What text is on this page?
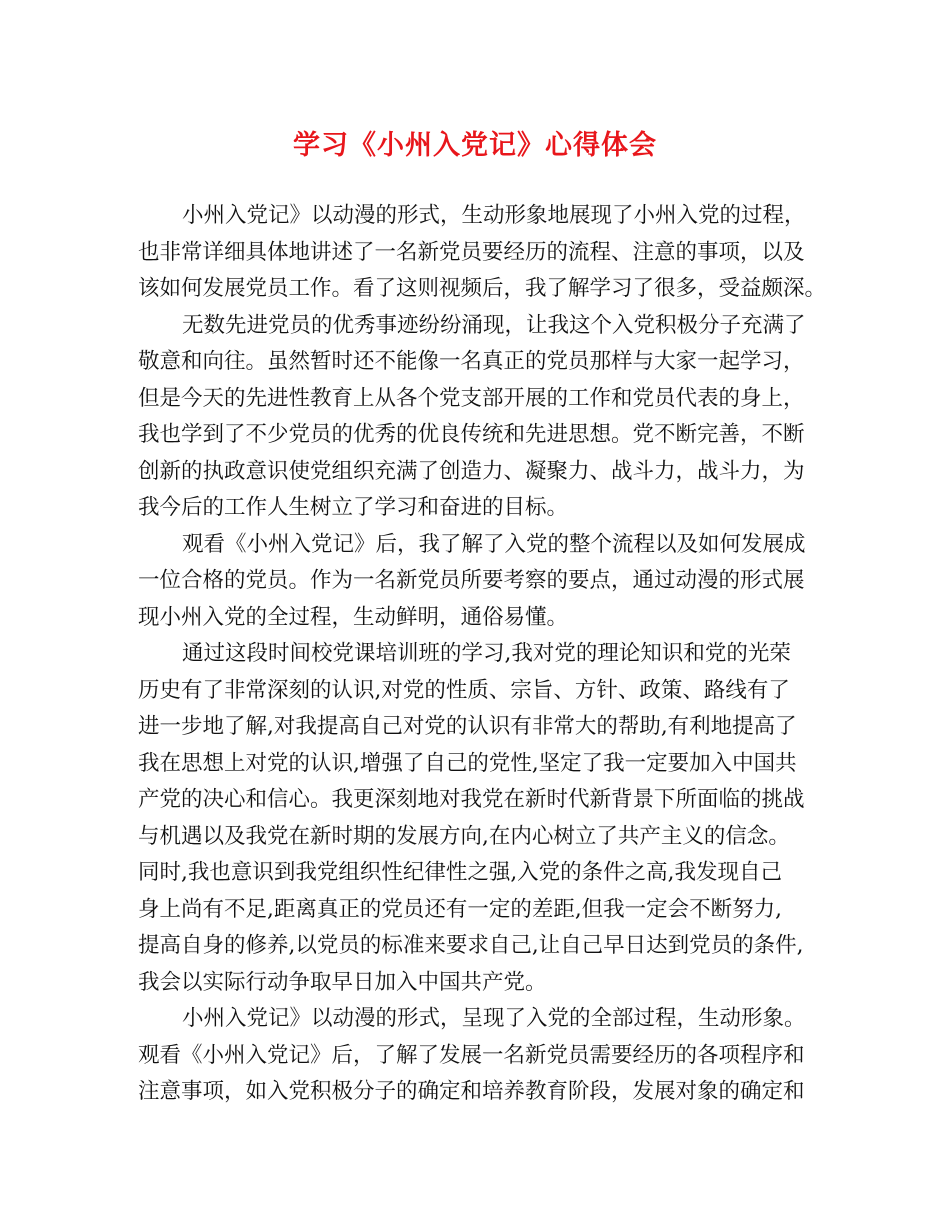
学习《小州入党记》心得体会
小州入党记》以动漫的形式，生动形象地展现了小州入党的过程，
也非常详细具体地讲述了一名新党员要经历的流程、注意的事项，以及
该如何发展党员工作。看了这则视频后，我了解学习了很多，受益颇深。
无数先进党员的优秀事迹纷纷涌现，让我这个入党积极分子充满了
敬意和向往。虽然暂时还不能像一名真正的党员那样与大家一起学习，
但是今天的先进性教育上从各个党支部开展的工作和党员代表的身上，
我也学到了不少党员的优秀的优良传统和先进思想。党不断完善，不断
创新的执政意识使党组织充满了创造力、凝聚力、战斗力，战斗力，为
我今后的工作人生树立了学习和奋进的目标。
观看《小州入党记》后，我了解了入党的整个流程以及如何发展成
一位合格的党员。作为一名新党员所要考察的要点，通过动漫的形式展
现小州入党的全过程，生动鲜明，通俗易懂。
通过这段时间校党课培训班的学习,我对党的理论知识和党的光荣
历史有了非常深刻的认识,对党的性质、宗旨、方针、政策、路线有了
进一步地了解,对我提高自己对党的认识有非常大的帮助,有利地提高了
我在思想上对党的认识,增强了自己的党性,坚定了我一定要加入中国共
产党的决心和信心。我更深刻地对我党在新时代新背景下所面临的挑战
与机遇以及我党在新时期的发展方向,在内心树立了共产主义的信念。
同时,我也意识到我党组织性纪律性之强,入党的条件之高,我发现自己
身上尚有不足,距离真正的党员还有一定的差距,但我一定会不断努力,
提高自身的修养,以党员的标准来要求自己,让自己早日达到党员的条件,
我会以实际行动争取早日加入中国共产党。
小州入党记》以动漫的形式，呈现了入党的全部过程，生动形象。
观看《小州入党记》后，了解了发展一名新党员需要经历的各项程序和
注意事项，如入党积极分子的确定和培养教育阶段，发展对象的确定和
